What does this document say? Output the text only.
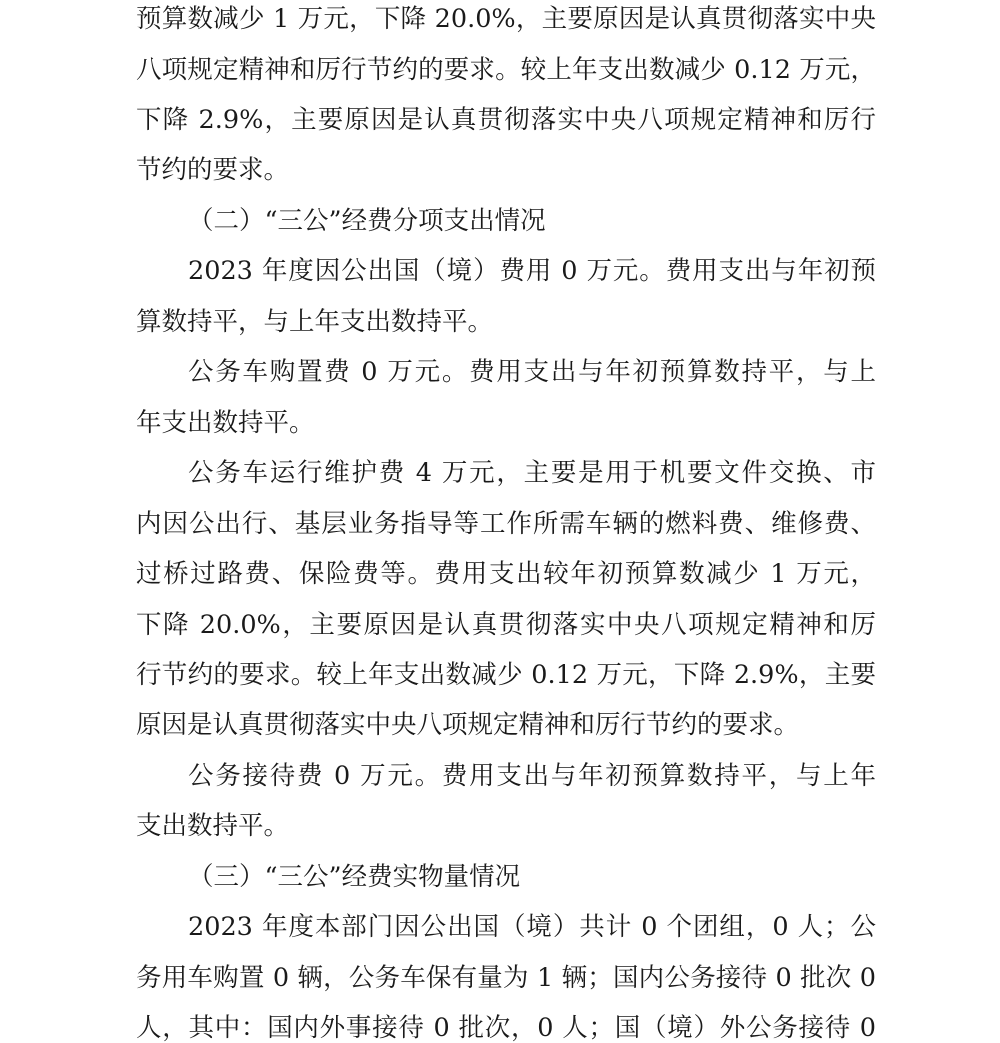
预算数减少 1 万元，下降 20.0%，主要原因是认真贯彻落实中央
八项规定精神和厉行节约的要求。较上年支出数减少 0.12 万元，
下降 2.9%，主要原因是认真贯彻落实中央八项规定精神和厉行
节约的要求。
（二）“三公”经费分项支出情况
2023 年度因公出国（境）费用 0 万元。费用支出与年初预
算数持平，与上年支出数持平。
公务车购置费 0 万元。费用支出与年初预算数持平，与上
年支出数持平。
公务车运行维护费 4 万元，主要是用于机要文件交换、市
内因公出行、基层业务指导等工作所需车辆的燃料费、维修费、
过桥过路费、保险费等。费用支出较年初预算数减少 1 万元，
下降 20.0%，主要原因是认真贯彻落实中央八项规定精神和厉
行节约的要求。较上年支出数减少 0.12 万元，下降 2.9%，主要
原因是认真贯彻落实中央八项规定精神和厉行节约的要求。
公务接待费 0 万元。费用支出与年初预算数持平，与上年
支出数持平。
（三）“三公”经费实物量情况
2023 年度本部门因公出国（境）共计 0 个团组，0 人；公
务用车购置 0 辆，公务车保有量为 1 辆；国内公务接待 0 批次 0
人，其中：国内外事接待 0 批次，0 人；国（境）外公务接待 0
